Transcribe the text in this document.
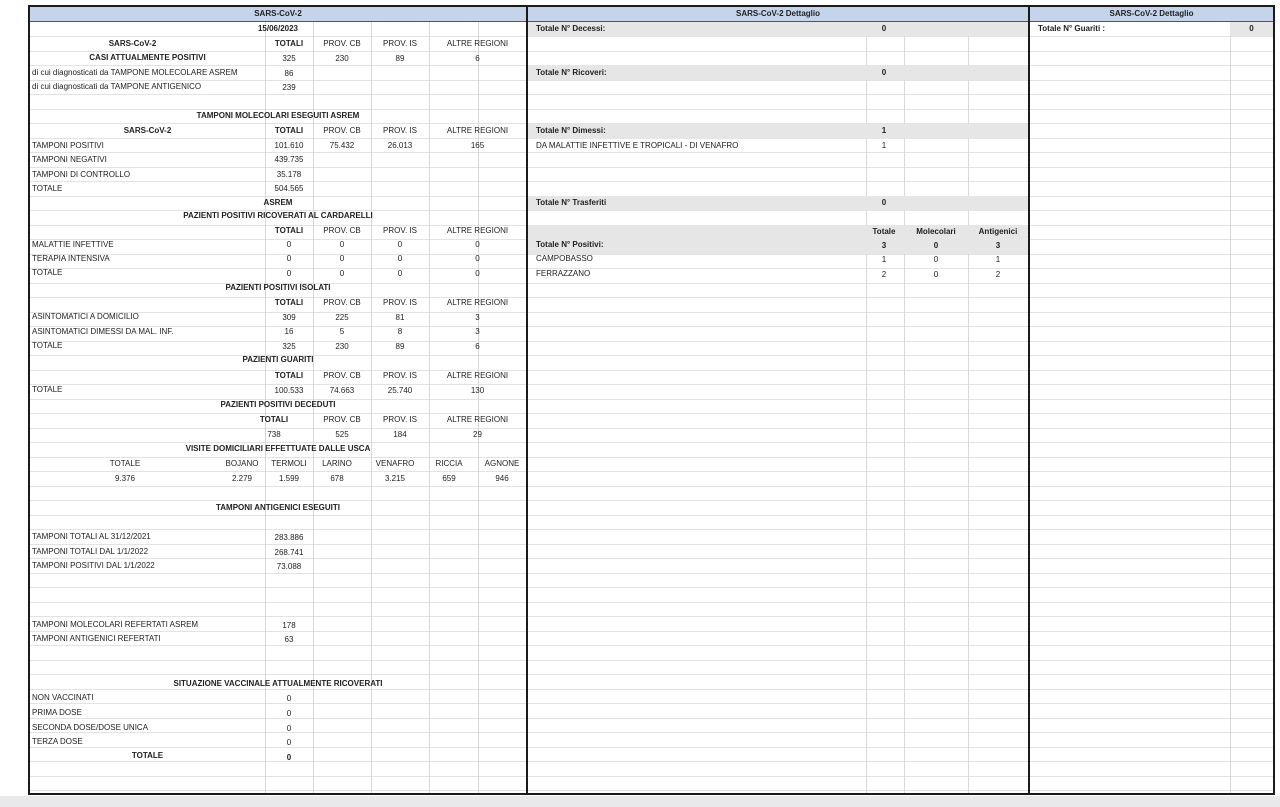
SARS-CoV-2
15/06/2023
SARS-CoV-2	TOTALI	PROV. CB	PROV. IS	ALTRE REGIONI
CASI ATTUALMENTE POSITIVI	325	230	89	6
di cui diagnosticati da TAMPONE MOLECOLARE ASREM	86
di cui diagnosticati da TAMPONE ANTIGENICO	239
TAMPONI MOLECOLARI ESEGUITI ASREM
SARS-CoV-2	TOTALI	PROV. CB	PROV. IS	ALTRE REGIONI
TAMPONI POSITIVI	101.610	75.432	26.013	165
TAMPONI NEGATIVI	439.735
TAMPONI DI CONTROLLO	35.178
TOTALE	504.565
ASREM
PAZIENTI POSITIVI RICOVERATI AL CARDARELLI
TOTALI	PROV. CB	PROV. IS	ALTRE REGIONI
MALATTIE INFETTIVE	0	0	0	0
TERAPIA INTENSIVA	0	0	0	0
TOTALE	0	0	0	0
PAZIENTI POSITIVI ISOLATI
TOTALI	PROV. CB	PROV. IS	ALTRE REGIONI
ASINTOMATICI A DOMICILIO	309	225	81	3
ASINTOMATICI DIMESSI DA MAL. INF.	16	5	8	3
TOTALE	325	230	89	6
PAZIENTI GUARITI
TOTALI	PROV. CB	PROV. IS	ALTRE REGIONI
TOTALE	100.533	74.663	25.740	130
PAZIENTI POSITIVI DECEDUTI
TOTALI	PROV. CB	PROV. IS	ALTRE REGIONI
738	525	184	29
VISITE DOMICILIARI EFFETTUATE DALLE USCA
TOTALE	BOJANO	TERMOLI	LARINO	VENAFRO	RICCIA	AGNONE
9.376	2.279	1.599	678	3.215	659	946
TAMPONI ANTIGENICI ESEGUITI
TAMPONI TOTALI AL 31/12/2021	283.886
TAMPONI TOTALI DAL 1/1/2022	268.741
TAMPONI POSITIVI DAL 1/1/2022	73.088
TAMPONI MOLECOLARI REFERTATI ASREM	178
TAMPONI ANTIGENICI REFERTATI	63
SITUAZIONE VACCINALE ATTUALMENTE RICOVERATI
NON VACCINATI	0
PRIMA DOSE	0
SECONDA DOSE/DOSE UNICA	0
TERZA DOSE	0
TOTALE	0
SARS-CoV-2 Dettaglio
Totale N° Decessi:	0
Totale N° Ricoveri:	0
Totale N° Dimessi:	1
DA MALATTIE INFETTIVE E TROPICALI - DI VENAFRO	1
Totale N° Trasferiti	0
Totale	Molecolari	Antigenici
Totale N° Positivi:	3	0	3
CAMPOBASSO	1	0	1
FERRAZZANO	2	0	2
SARS-CoV-2 Dettaglio
Totale N° Guariti :	0
